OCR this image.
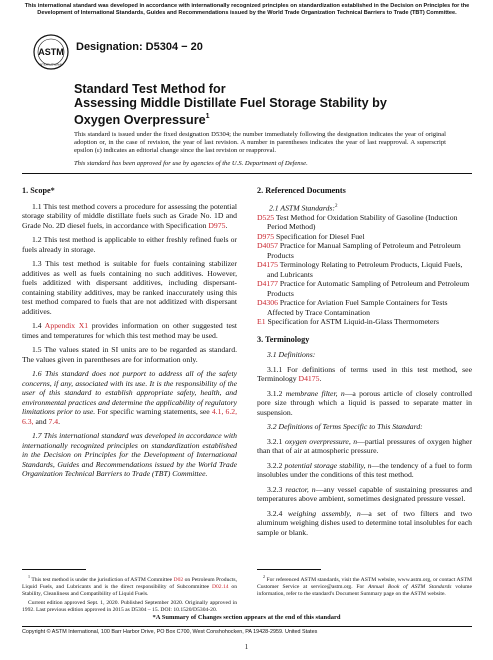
This international standard was developed in accordance with internationally recognized principles on standardization established in the Decision on Principles for the Development of International Standards, Guides and Recommendations issued by the World Trade Organization Technical Barriers to Trade (TBT) Committee.
ASTM
INTERNATIONAL
Designation: D5304 − 20
Standard Test Method for
Assessing Middle Distillate Fuel Storage Stability by
Oxygen Overpressure$^1$
This standard is issued under the fixed designation D5304; the number immediately following the designation indicates the year of original adoption or, in the case of revision, the year of last revision. A number in parentheses indicates the year of last reapproval. A superscript epsilon (ε) indicates an editorial change since the last revision or reapproval.
This standard has been approved for use by agencies of the U.S. Department of Defense.
1. Scope*

1.1 This test method covers a procedure for assessing the potential storage stability of middle distillate fuels such as Grade No. 1D and Grade No. 2D diesel fuels, in accordance with Specification D975.

1.2 This test method is applicable to either freshly refined fuels or fuels already in storage.

1.3 This test method is suitable for fuels containing stabilizer additives as well as fuels containing no such additives. However, fuels additized with dispersant additives, including dispersant-containing stability additives, may be ranked inaccurately using this test method compared to fuels that are not additized with dispersant additives.

1.4 Appendix X1 provides information on other suggested test times and temperatures for which this test method may be used.

1.5 The values stated in SI units are to be regarded as standard. The values given in parentheses are for information only.

1.6 This standard does not purport to address all of the safety concerns, if any, associated with its use. It is the responsibility of the user of this standard to establish appropriate safety, health, and environmental practices and determine the applicability of regulatory limitations prior to use. For specific warning statements, see 4.1, 6.2, 6.3, and 7.4.

1.7 This international standard was developed in accordance with internationally recognized principles on standardization established in the Decision on Principles for the Development of International Standards, Guides and Recommendations issued by the World Trade Organization Technical Barriers to Trade (TBT) Committee.

2. Referenced Documents
2.1 ASTM Standards:$^2$
D525 Test Method for Oxidation Stability of Gasoline (Induction Period Method)
D975 Specification for Diesel Fuel
D4057 Practice for Manual Sampling of Petroleum and Petroleum Products
D4175 Terminology Relating to Petroleum Products, Liquid Fuels, and Lubricants
D4177 Practice for Automatic Sampling of Petroleum and Petroleum Products
D4306 Practice for Aviation Fuel Sample Containers for Tests Affected by Trace Contamination
E1 Specification for ASTM Liquid-in-Glass Thermometers
3. Terminology

3.1 Definitions:

3.1.1 For definitions of terms used in this test method, see Terminology D4175.

3.1.2 membrane filter, n—a porous article of closely controlled pore size through which a liquid is passed to separate matter in suspension.

3.2 Definitions of Terms Specific to This Standard:

3.2.1 oxygen overpressure, n—partial pressures of oxygen higher than that of air at atmospheric pressure.

3.2.2 potential storage stability, n—the tendency of a fuel to form insolubles under the conditions of this test method.

3.2.3 reactor, n—any vessel capable of sustaining pressures and temperatures above ambient, sometimes designated pressure vessel.

3.2.4 weighing assembly, n—a set of two filters and two aluminum weighing dishes used to determine total insolubles for each sample or blank.

$^1$ This test method is under the jurisdiction of ASTM Committee D02 on Petroleum Products, Liquid Fuels, and Lubricants and is the direct responsibility of Subcommittee D02.14 on Stability, Cleanliness and Compatibility of Liquid Fuels.

Current edition approved Sept. 1, 2020. Published September 2020. Originally approved in 1992. Last previous edition approved in 2015 as D5304 – 15. DOI: 10.1520/D5304-20.

$^2$ For referenced ASTM standards, visit the ASTM website, www.astm.org, or contact ASTM Customer Service at service@astm.org. For Annual Book of ASTM Standards volume information, refer to the standard's Document Summary page on the ASTM website.

*A Summary of Changes section appears at the end of this standard
Copyright © ASTM International, 100 Barr Harbor Drive, PO Box C700, West Conshohocken, PA 19428-2959. United States
1
